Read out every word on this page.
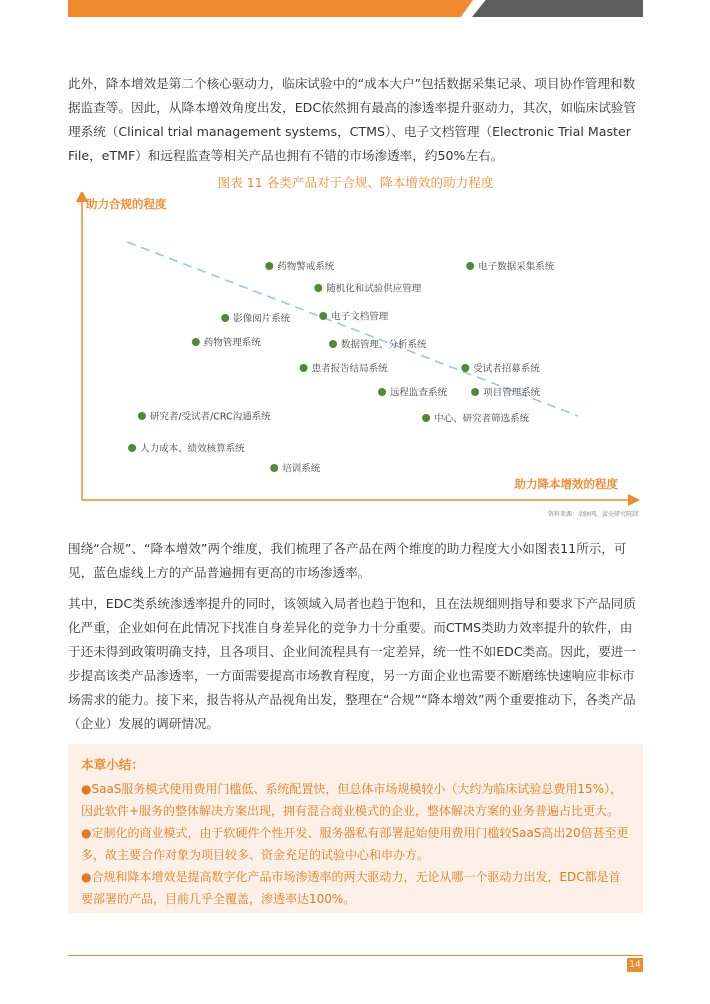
此外，降本增效是第二个核心驱动力，临床试验中的“成本大户”包括数据采集记录、项目协作管理和数据监查等。因此，从降本增效角度出发，EDC依然拥有最高的渗透率提升驱动力，其次，如临床试验管理系统（Clinical trial management systems，CTMS）、电子文档管理（Electronic Trial Master File，eTMF）和远程监查等相关产品也拥有不错的市场渗透率，约50%左右。

图表 11 各类产品对于合规、降本增效的助力程度

助力合规的程度
助力降本增效的程度
药物警戒系统	电子数据采集系统
随机化和试验供应管理
影像阅片系统	电子文档管理
药物管理系统	数据管理、分析系统
患者报告结局系统	受试者招募系统
远程监查系统	项目管理系统
研究者/受试者/CRC沟通系统	中心、研究者筛选系统
人力成本、绩效核算系统
培训系统
资料来源：动脉网，蛋壳研究院制

围绕“合规”、“降本增效”两个维度，我们梳理了各产品在两个维度的助力程度大小如图表11所示，可见，蓝色虚线上方的产品普遍拥有更高的市场渗透率。

其中，EDC类系统渗透率提升的同时，该领域入局者也趋于饱和，且在法规细则指导和要求下产品同质化严重，企业如何在此情况下找准自身差异化的竞争力十分重要。而CTMS类助力效率提升的软件，由于还未得到政策明确支持，且各项目、企业间流程具有一定差异，统一性不如EDC类高。因此，要进一步提高该类产品渗透率，一方面需要提高市场教育程度，另一方面企业也需要不断磨练快速响应非标市场需求的能力。接下来，报告将从产品视角出发，整理在“合规”“降本增效”两个重要推动下，各类产品（企业）发展的调研情况。

本章小结：

●SaaS服务模式使用费用门槛低、系统配置快，但总体市场规模较小（大约为临床试验总费用15%），因此软件+服务的整体解决方案出现，拥有混合商业模式的企业，整体解决方案的业务普遍占比更大。

●定制化的商业模式，由于软硬件个性开发、服务器私有部署起始使用费用门槛较SaaS高出20倍甚至更多，故主要合作对象为项目较多、资金充足的试验中心和申办方。

●合规和降本增效是提高数字化产品市场渗透率的两大驱动力，无论从哪一个驱动力出发，EDC都是首要部署的产品，目前几乎全覆盖，渗透率达100%。

14
